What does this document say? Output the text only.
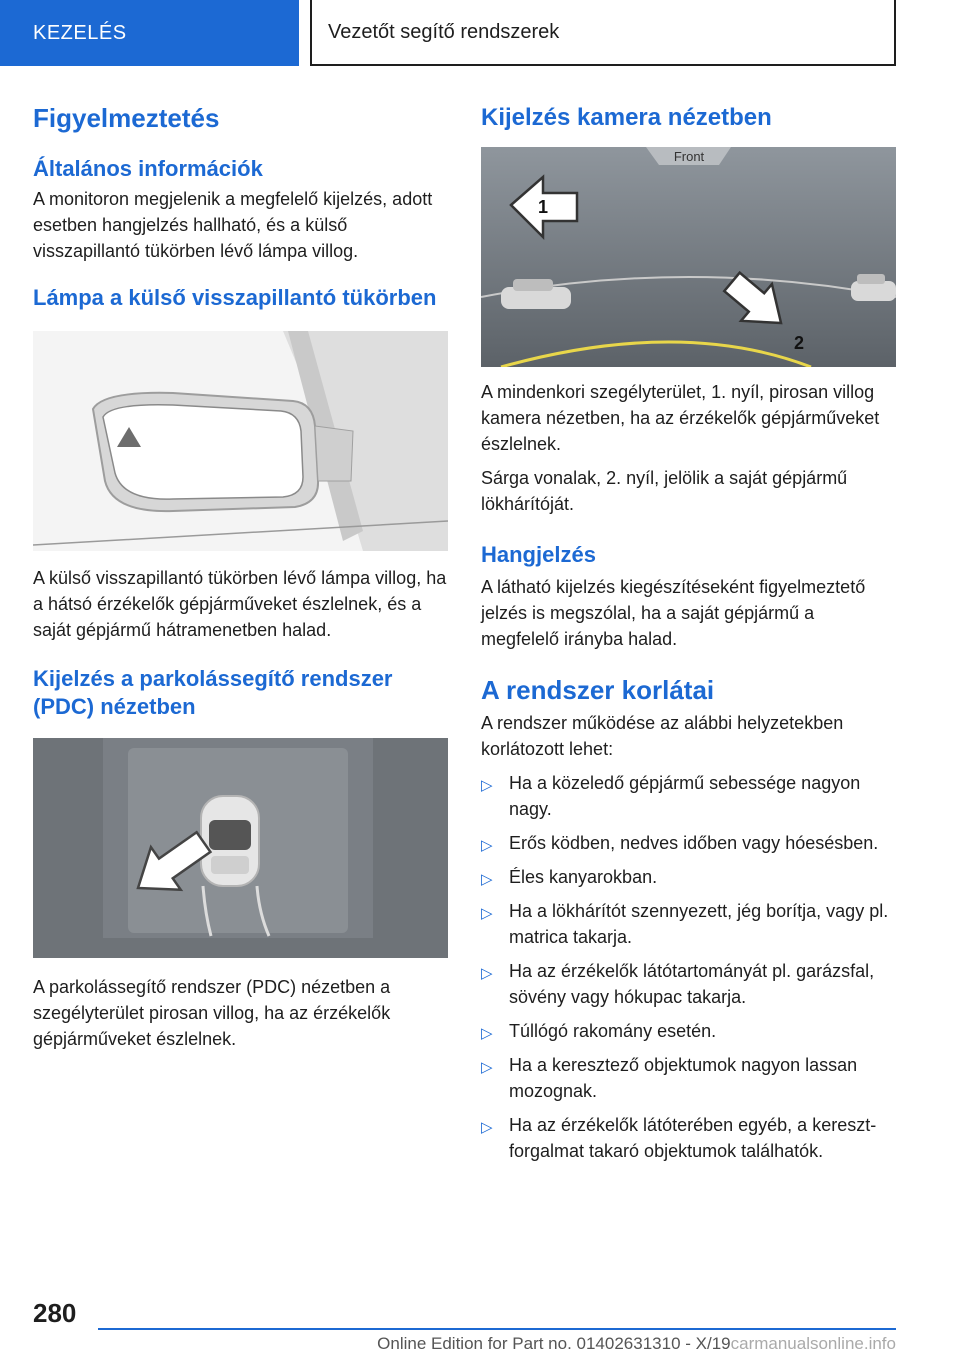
KEZELÉS	Vezetőt segítő rendszerek
Figyelmeztetés
Általános információk

A monitoron megjelenik a megfelelő kijelzés, adott esetben hangjelzés hallható, és a külső visszapillantó tükörben lévő lámpa villog.

Lámpa a külső visszapillantó tükörben

A külső visszapillantó tükörben lévő lámpa villog, ha a hátsó érzékelők gépjárműveket észlelnek, és a saját gépjármű hátramenetben halad.

Kijelzés a parkolássegítő rendszer (PDC) nézetben

A parkolássegítő rendszer (PDC) nézetben a szegélyterület pirosan villog, ha az érzékelők gépjárműveket észlelnek.

Kijelzés kamera nézetben
Front
1
2

A mindenkori szegélyterület, 1. nyíl, pirosan villog kamera nézetben, ha az érzékelők gépjárműveket észlelnek.

Sárga vonalak, 2. nyíl, jelölik a saját gépjármű lökhárítóját.

Hangjelzés

A látható kijelzés kiegészítéseként figyelmeztető jelzés is megszólal, ha a saját gépjármű a megfelelő irányba halad.

A rendszer korlátai

A rendszer működése az alábbi helyzetekben korlátozott lehet:

▷ Ha a közeledő gépjármű sebessége nagyon nagy.
▷ Erős ködben, nedves időben vagy hóesésben.
▷ Éles kanyarokban.
▷ Ha a lökhárítót szennyezett, jég borítja, vagy pl. matrica takarja.
▷ Ha az érzékelők látótartományát pl. garázsfal, sövény vagy hókupac takarja.
▷ Túllógó rakomány esetén.
▷ Ha a keresztező objektumok nagyon lassan mozognak.
▷ Ha az érzékelők látóterében egyéb, a keresztforgalmat takaró objektumok találhatók.
280
Online Edition for Part no. 01402631310 - X/19carmanualsonline.info
